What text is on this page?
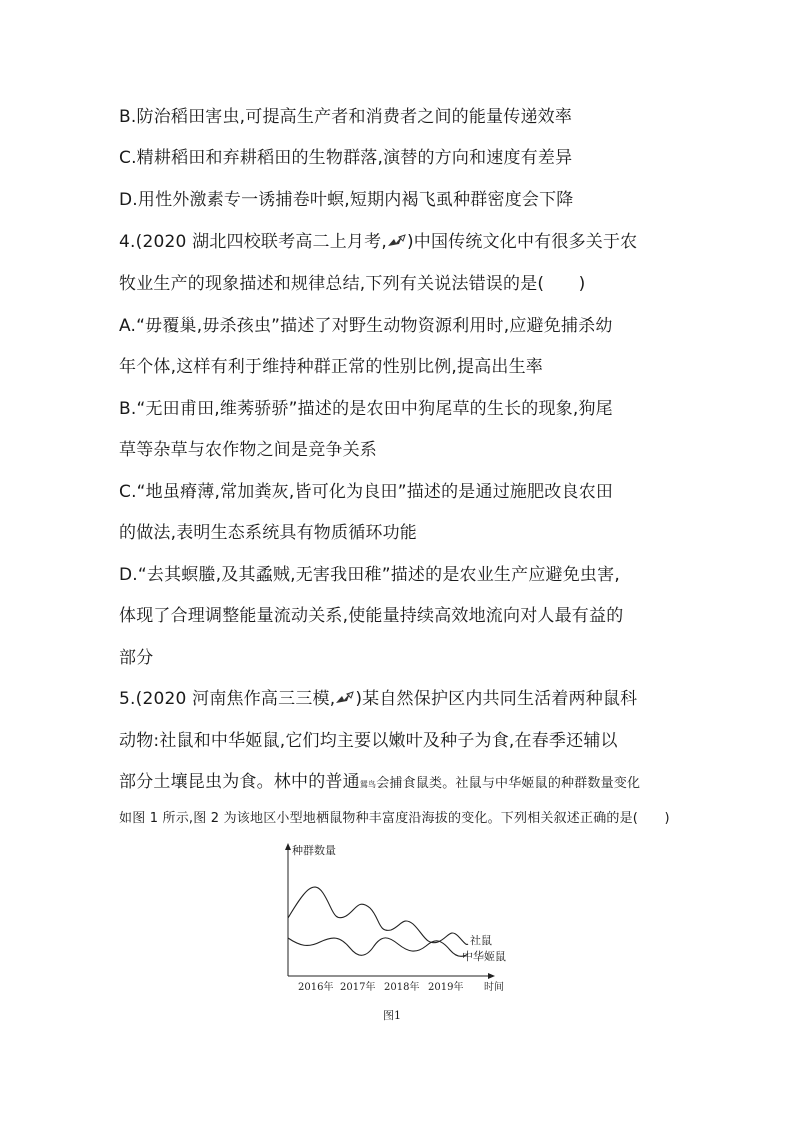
B.防治稻田害虫,可提高生产者和消费者之间的能量传递效率
C.精耕稻田和弃耕稻田的生物群落,演替的方向和速度有差异
D.用性外激素专一诱捕卷叶螟,短期内褐飞虱种群密度会下降
4.(2020 湖北四校联考高二上月考, )中国传统文化中有很多关于农
牧业生产的现象描述和规律总结,下列有关说法错误的是(　　)
A.“毋覆巢,毋杀孩虫”描述了对野生动物资源利用时,应避免捕杀幼
年个体,这样有利于维持种群正常的性别比例,提高出生率
B.“无田甫田,维莠骄骄”描述的是农田中狗尾草的生长的现象,狗尾
草等杂草与农作物之间是竞争关系
C.“地虽瘠薄,常加粪灰,皆可化为良田”描述的是通过施肥改良农田
的做法,表明生态系统具有物质循环功能
D.“去其螟螣,及其蟊贼,无害我田稚”描述的是农业生产应避免虫害,
体现了合理调整能量流动关系,使能量持续高效地流向对人最有益的
部分
5.(2020 河南焦作高三三模, )某自然保护区内共同生活着两种鼠科
动物:社鼠和中华姬鼠,它们均主要以嫩叶及种子为食,在春季还辅以
部分土壤昆虫为食。林中的普通鵟鸟会捕食鼠类。社鼠与中华姬鼠的种群数量变化
如图 1 所示,图 2 为该地区小型地栖鼠物种丰富度沿海拔的变化。下列相关叙述正确的是(　　)
种群数量
社鼠
中华姬鼠
2016年 2017年 2018年 2019年 时间
图1
